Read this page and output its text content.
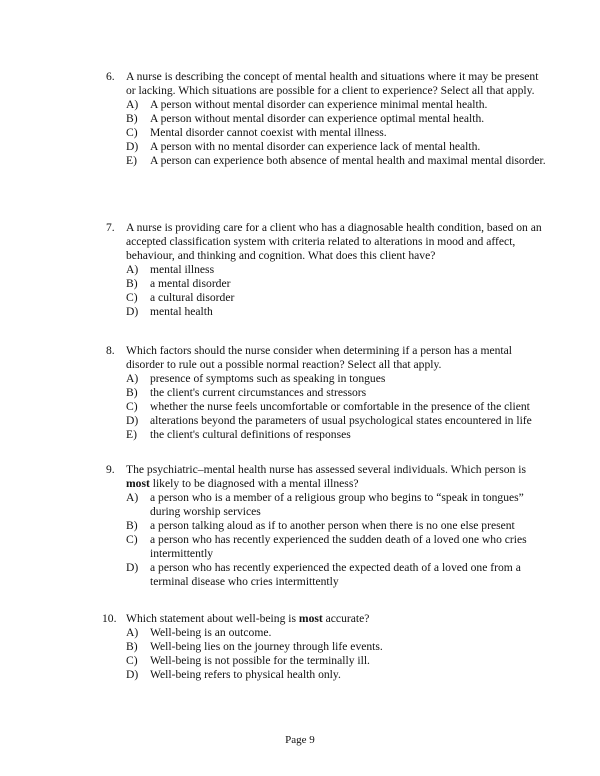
6. A nurse is describing the concept of mental health and situations where it may be present or lacking. Which situations are possible for a client to experience? Select all that apply.
A) A person without mental disorder can experience minimal mental health.
B) A person without mental disorder can experience optimal mental health.
C) Mental disorder cannot coexist with mental illness.
D) A person with no mental disorder can experience lack of mental health.
E) A person can experience both absence of mental health and maximal mental disorder.
7. A nurse is providing care for a client who has a diagnosable health condition, based on an accepted classification system with criteria related to alterations in mood and affect, behaviour, and thinking and cognition. What does this client have?
A) mental illness
B) a mental disorder
C) a cultural disorder
D) mental health
8. Which factors should the nurse consider when determining if a person has a mental disorder to rule out a possible normal reaction? Select all that apply.
A) presence of symptoms such as speaking in tongues
B) the client's current circumstances and stressors
C) whether the nurse feels uncomfortable or comfortable in the presence of the client
D) alterations beyond the parameters of usual psychological states encountered in life
E) the client's cultural definitions of responses
9. The psychiatric–mental health nurse has assessed several individuals. Which person is most likely to be diagnosed with a mental illness?
A) a person who is a member of a religious group who begins to “speak in tongues” during worship services
B) a person talking aloud as if to another person when there is no one else present
C) a person who has recently experienced the sudden death of a loved one who cries intermittently
D) a person who has recently experienced the expected death of a loved one from a terminal disease who cries intermittently
10. Which statement about well-being is most accurate?
A) Well-being is an outcome.
B) Well-being lies on the journey through life events.
C) Well-being is not possible for the terminally ill.
D) Well-being refers to physical health only.
Page 9
